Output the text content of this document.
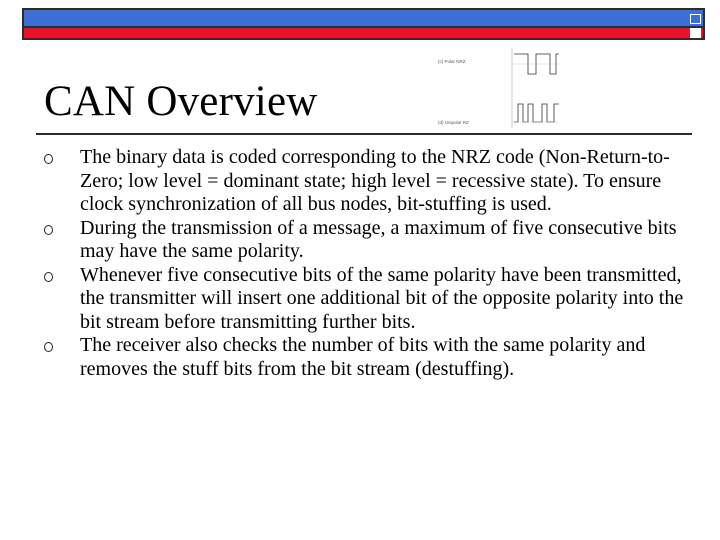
CAN Overview
(c) Polar NRZ
(d) Unipolar RZ
The binary data is coded corresponding to the NRZ code (Non-Return-to-Zero; low level = dominant state; high level = recessive state). To ensure clock synchronization of all bus nodes, bit-stuffing is used.
During the transmission of a message, a maximum of five consecutive bits may have the same polarity.
Whenever five consecutive bits of the same polarity have been transmitted, the transmitter will insert one additional bit of the opposite polarity into the bit stream before transmitting further bits.
The receiver also checks the number of bits with the same polarity and removes the stuff bits from the bit stream (destuffing).
